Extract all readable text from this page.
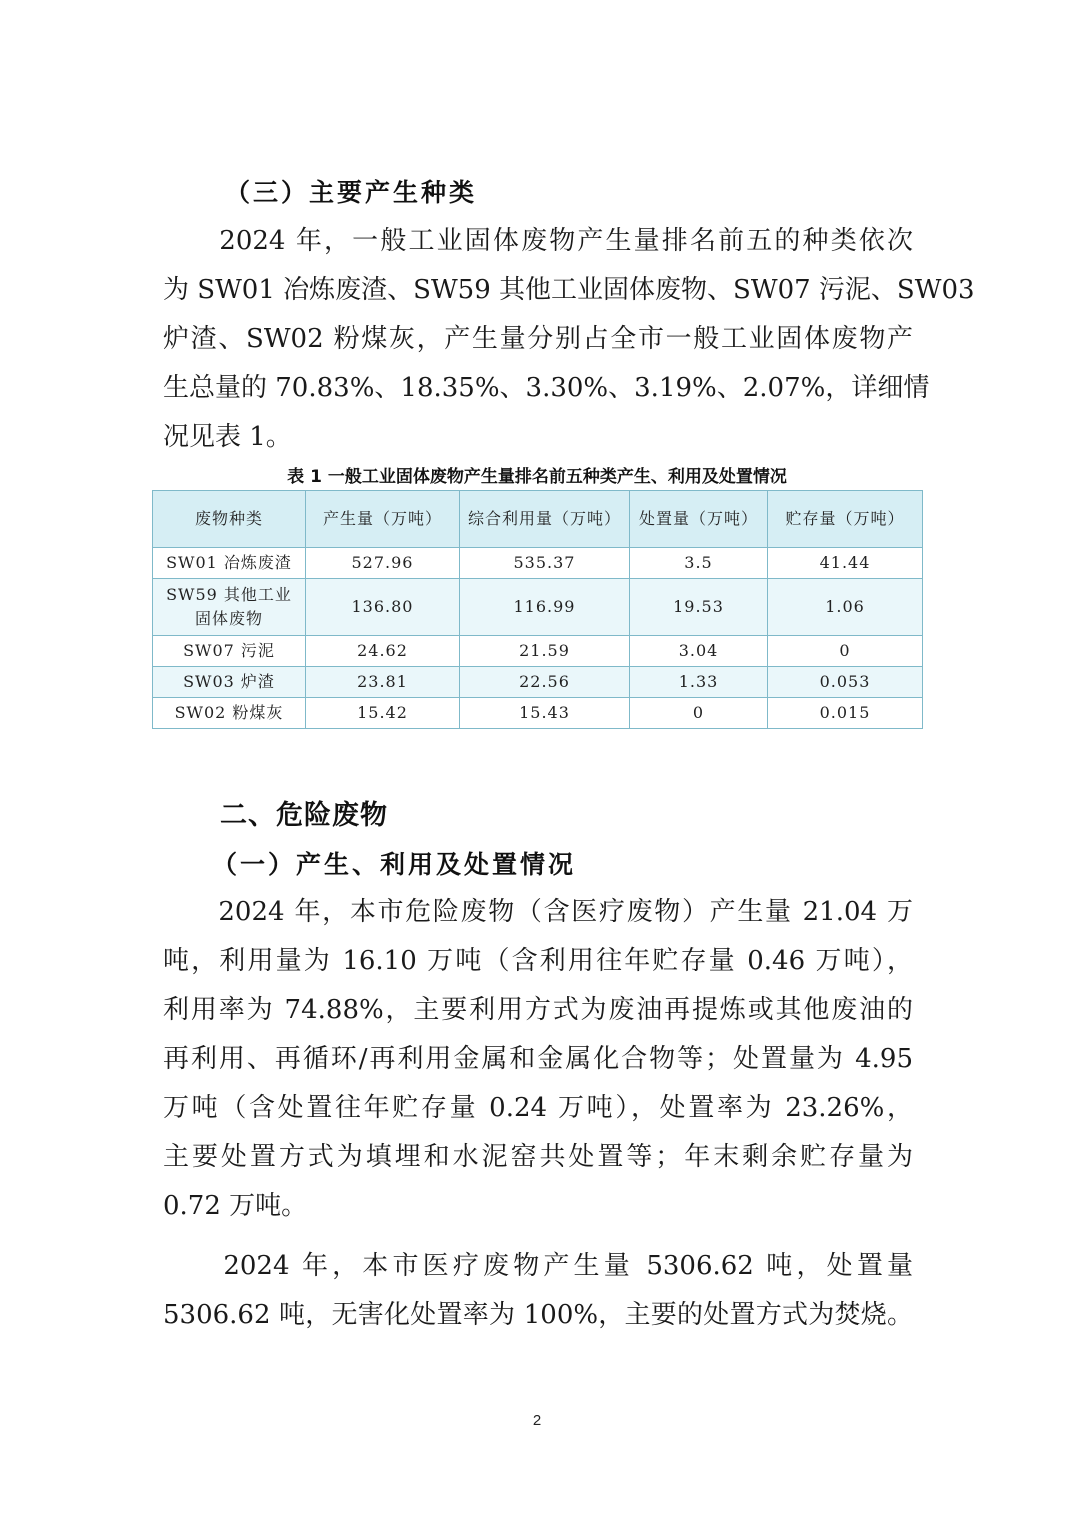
（三）主要产生种类
　　2024 年，一般工业固体废物产生量排名前五的种类依次
为 SW01 冶炼废渣、SW59 其他工业固体废物、SW07 污泥、SW03
炉渣、SW02 粉煤灰，产生量分别占全市一般工业固体废物产
生总量的 70.83%、18.35%、3.30%、3.19%、2.07%，详细情
况见表 1。
表 1 一般工业固体废物产生量排名前五种类产生、利用及处置情况
废物种类	产生量（万吨）	综合利用量（万吨）	处置量（万吨）	贮存量（万吨）
SW01 冶炼废渣	527.96	535.37	3.5	41.44
SW59 其他工业固体废物	136.80	116.99	19.53	1.06
SW07 污泥	24.62	21.59	3.04	0
SW03 炉渣	23.81	22.56	1.33	0.053
SW02 粉煤灰	15.42	15.43	0	0.015
二、危险废物
（一）产生、利用及处置情况
　　2024 年，本市危险废物（含医疗废物）产生量 21.04 万
吨，利用量为 16.10 万吨（含利用往年贮存量 0.46 万吨），
利用率为 74.88%，主要利用方式为废油再提炼或其他废油的
再利用、再循环/再利用金属和金属化合物等；处置量为 4.95
万吨（含处置往年贮存量 0.24 万吨），处置率为 23.26%，
主要处置方式为填埋和水泥窑共处置等；年末剩余贮存量为
0.72 万吨。
　　2024 年，本市医疗废物产生量 5306.62 吨，处置量
5306.62 吨，无害化处置率为 100%，主要的处置方式为焚烧。
2
